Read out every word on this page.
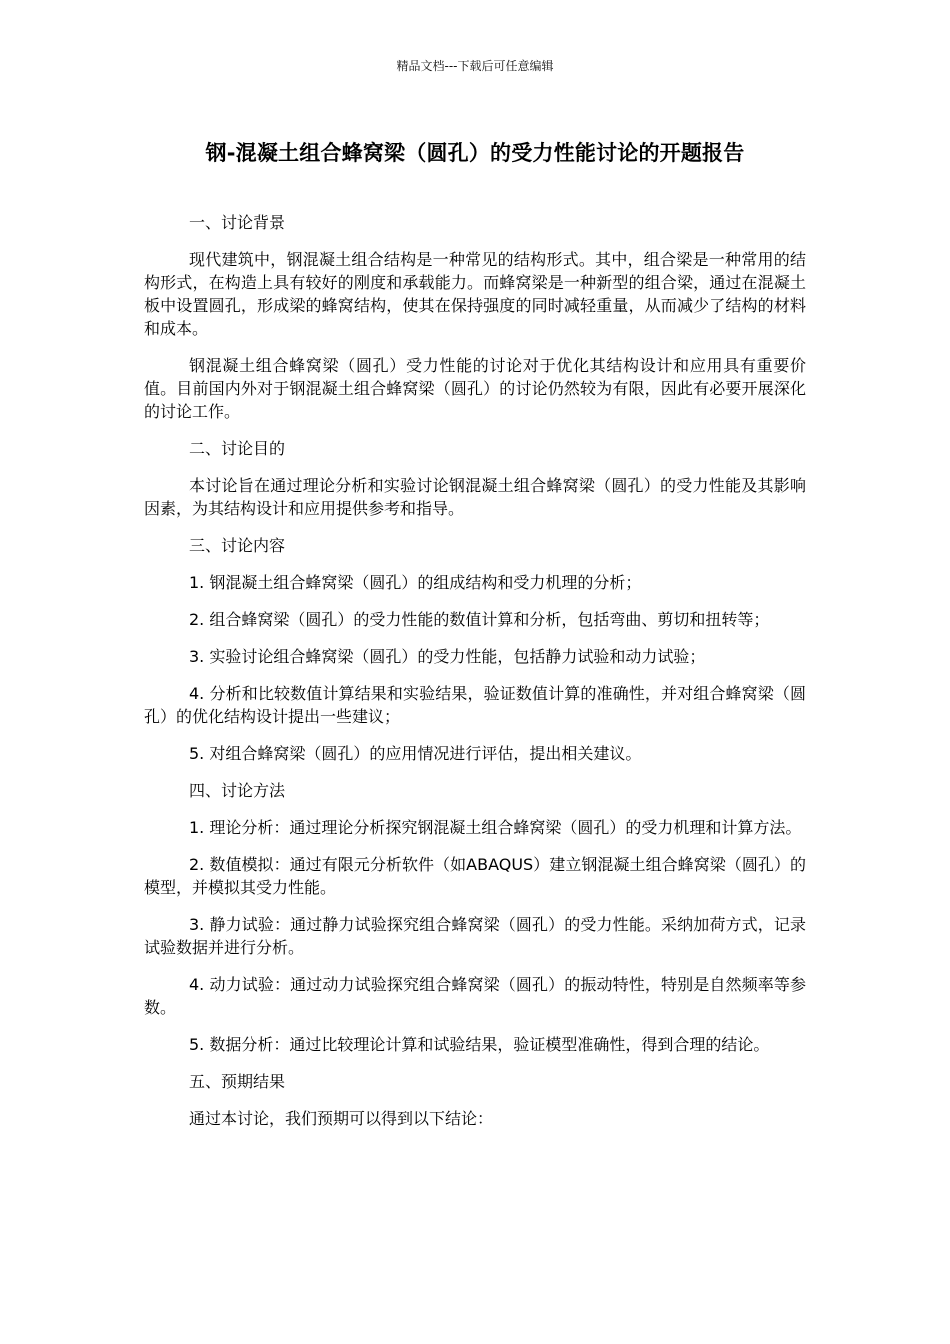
精品文档---下载后可任意编辑
钢-混凝土组合蜂窝梁（圆孔）的受力性能讨论的开题报告

一、讨论背景

现代建筑中，钢混凝土组合结构是一种常见的结构形式。其中，组合梁是一种常用的结构形式，在构造上具有较好的刚度和承载能力。而蜂窝梁是一种新型的组合梁，通过在混凝土板中设置圆孔，形成梁的蜂窝结构，使其在保持强度的同时减轻重量，从而减少了结构的材料和成本。

钢混凝土组合蜂窝梁（圆孔）受力性能的讨论对于优化其结构设计和应用具有重要价值。目前国内外对于钢混凝土组合蜂窝梁（圆孔）的讨论仍然较为有限，因此有必要开展深化的讨论工作。

二、讨论目的

本讨论旨在通过理论分析和实验讨论钢混凝土组合蜂窝梁（圆孔）的受力性能及其影响因素，为其结构设计和应用提供参考和指导。

三、讨论内容

1. 钢混凝土组合蜂窝梁（圆孔）的组成结构和受力机理的分析；

2. 组合蜂窝梁（圆孔）的受力性能的数值计算和分析，包括弯曲、剪切和扭转等；

3. 实验讨论组合蜂窝梁（圆孔）的受力性能，包括静力试验和动力试验；

4. 分析和比较数值计算结果和实验结果，验证数值计算的准确性，并对组合蜂窝梁（圆孔）的优化结构设计提出一些建议；

5. 对组合蜂窝梁（圆孔）的应用情况进行评估，提出相关建议。

四、讨论方法

1. 理论分析：通过理论分析探究钢混凝土组合蜂窝梁（圆孔）的受力机理和计算方法。

2. 数值模拟：通过有限元分析软件（如ABAQUS）建立钢混凝土组合蜂窝梁（圆孔）的模型，并模拟其受力性能。

3. 静力试验：通过静力试验探究组合蜂窝梁（圆孔）的受力性能。采纳加荷方式，记录试验数据并进行分析。

4. 动力试验：通过动力试验探究组合蜂窝梁（圆孔）的振动特性，特别是自然频率等参数。

5. 数据分析：通过比较理论计算和试验结果，验证模型准确性，得到合理的结论。

五、预期结果

通过本讨论，我们预期可以得到以下结论：
